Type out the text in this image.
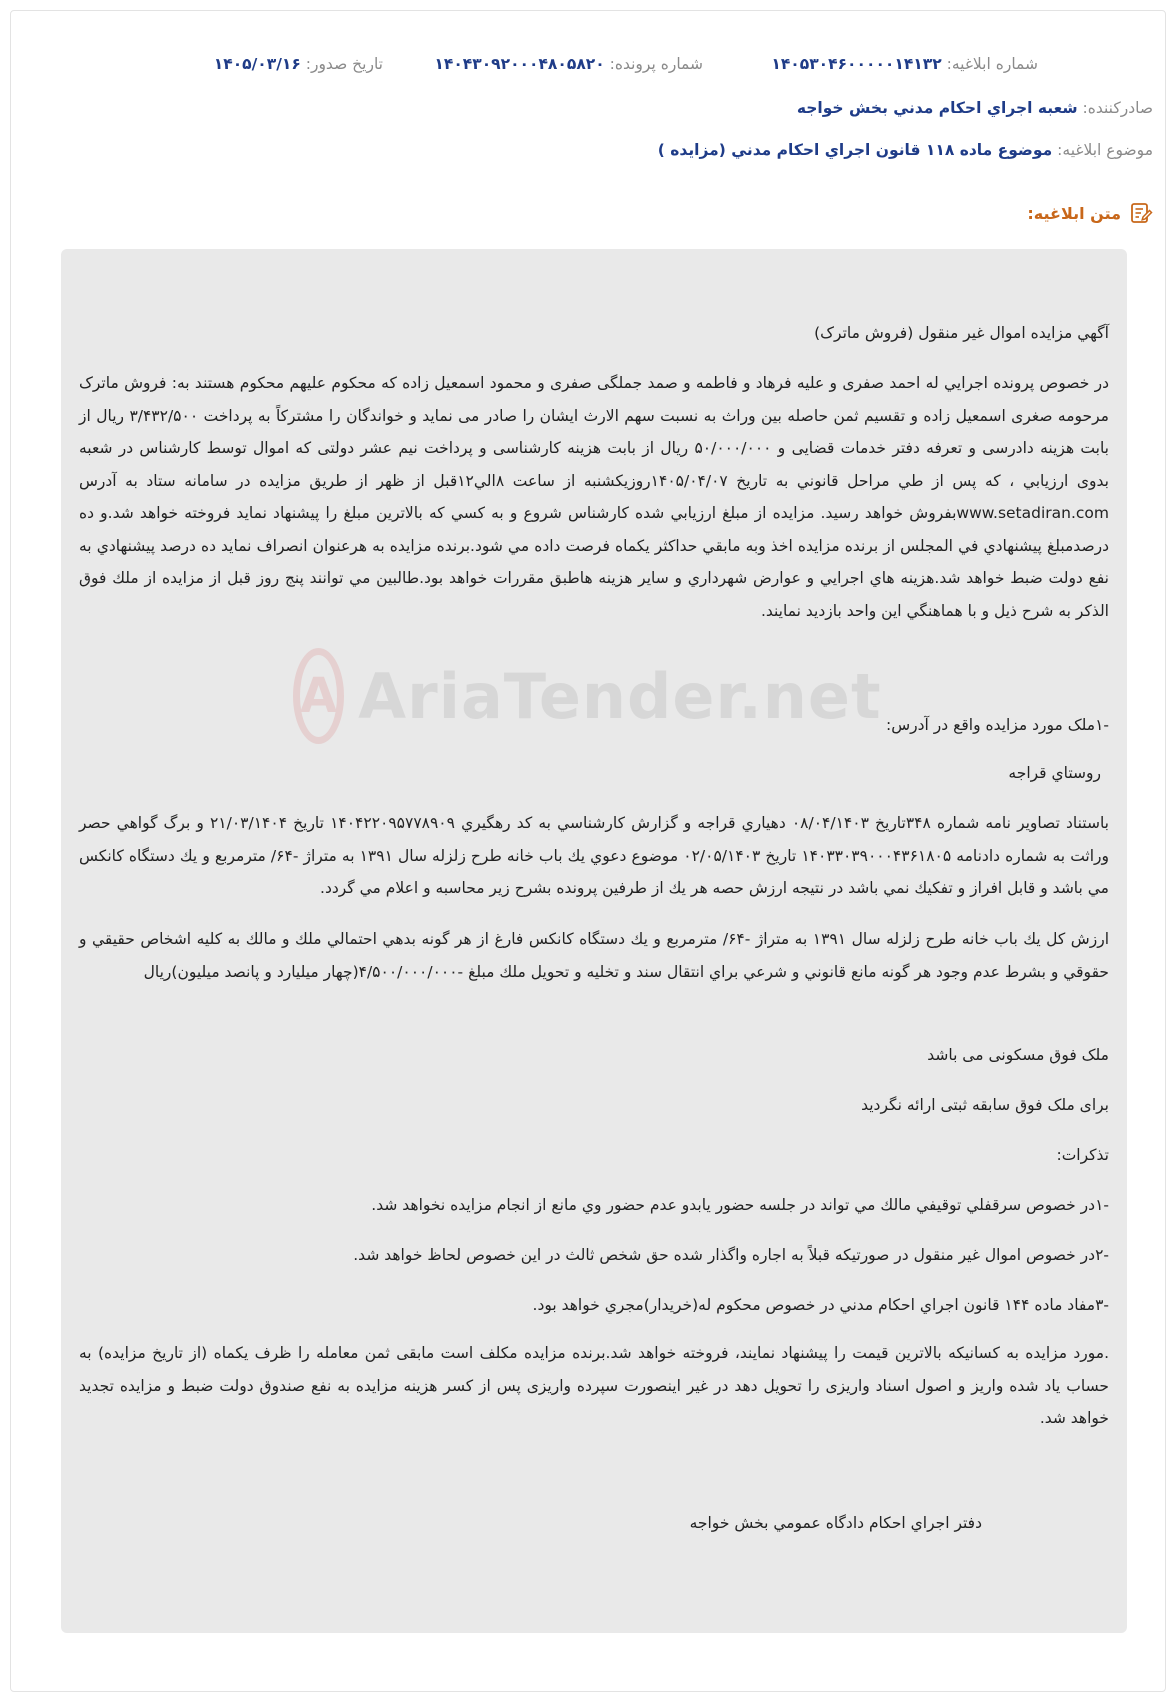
شماره ابلاغيه: ۱۴۰۵۳۰۴۶۰۰۰۰۰۱۴۱۳۲
شماره پرونده: ۱۴۰۴۳۰۹۲۰۰۰۴۸۰۵۸۲۰
تاريخ صدور: ۱۴۰۵/۰۳/۱۶
صادرکننده: شعبه اجراي احکام مدني بخش خواجه
موضوع ابلاغيه: موضوع ماده ۱۱۸ قانون اجراي احکام مدني (مزايده )
متن ابلاغيه:
A AriaTender.net
آگهي مزايده اموال غير منقول (فروش ماترک)
در خصوص پرونده اجرايي له احمد صفری و عليه فرهاد و فاطمه و صمد جملگی صفری و محمود اسمعيل زاده که محکوم عليهم محکوم هستند به: فروش ماترک مرحومه صغری اسمعيل زاده و تقسيم ثمن حاصله بين وراث به نسبت سهم الارث ايشان را صادر می نمايد و خواندگان را مشترکاً به پرداخت ۳/۴۳۲/۵۰۰ ريال از بابت هزينه دادرسی و تعرفه دفتر خدمات قضايی و ۵۰/۰۰۰/۰۰۰ ريال از بابت هزينه کارشناسی و پرداخت نيم عشر دولتی که اموال توسط کارشناس در شعبه بدوی ارزيابي ، كه پس از طي مراحل قانوني به تاريخ ۱۴۰۵/۰۴/۰۷روزيكشنبه از ساعت ۸الي۱۲قبل از ظهر از طريق مزايده در سامانه ستاد به آدرس www.setadiran.comبفروش خواهد رسيد. مزايده از مبلغ ارزيابي شده كارشناس شروع و به كسي كه بالاترين مبلغ را پيشنهاد نمايد فروخته خواهد شد.و ده درصدمبلغ پيشنهادي في المجلس از برنده مزايده اخذ وبه مابقي حداكثر يكماه فرصت داده مي شود.برنده مزايده به هرعنوان انصراف نمايد ده درصد پيشنهادي به نفع دولت ضبط خواهد شد.هزينه هاي اجرايي و عوارض شهرداري و ساير هزينه هاطبق مقررات خواهد بود.طالبين مي توانند پنج روز قبل از مزايده از ملك فوق الذكر به شرح ذيل و با هماهنگي اين واحد بازديد نمايند.
-۱ملک مورد مزايده واقع در آدرس:
روستاي قراجه
باستناد تصاوير نامه شماره ۳۴۸تاريخ ۰۸/۰۴/۱۴۰۳ دهياري قراجه و گزارش كارشناسي به كد رهگيري ۱۴۰۴۲۲۰۹۵۷۷۸۹۰۹ تاريخ ۲۱/۰۳/۱۴۰۴ و برگ گواهي حصر وراثت به شماره دادنامه ۱۴۰۳۳۰۳۹۰۰۰۴۳۶۱۸۰۵ تاريخ ۰۲/۰۵/۱۴۰۳ موضوع دعوي يك باب خانه طرح زلزله سال ۱۳۹۱ به متراژ -۶۴/ مترمربع و يك دستگاه كانكس مي باشد و قابل افراز و تفكيك نمي باشد در نتيجه ارزش حصه هر يك از طرفين پرونده بشرح زير محاسبه و اعلام مي گردد.
ارزش كل يك باب خانه طرح زلزله سال ۱۳۹۱ به متراژ -۶۴/ مترمربع و يك دستگاه كانكس فارغ از هر گونه بدهي احتمالي ملك و مالك به كليه اشخاص حقيقي و حقوقي و بشرط عدم وجود هر گونه مانع قانوني و شرعي براي انتقال سند و تخليه و تحويل ملك مبلغ -۴/۵۰۰/۰۰۰/۰۰۰(چهار ميليارد و پانصد ميليون)ريال
ملک فوق مسکونی می باشد
برای ملک فوق سابقه ثبتی ارائه نگرديد
تذکرات:
-۱در خصوص سرقفلي توقيفي مالك مي تواند در جلسه حضور يابدو عدم حضور وي مانع از انجام مزايده نخواهد شد.
-۲در خصوص اموال غير منقول در صورتيكه قبلاً به اجاره واگذار شده حق شخص ثالث در اين خصوص لحاظ خواهد شد.
-۳مفاد ماده ۱۴۴ قانون اجراي احكام مدني در خصوص محكوم له(خريدار)مجري خواهد بود.
.مورد مزايده به کسانيکه بالاترين قيمت را پيشنهاد نمايند، فروخته خواهد شد.برنده مزايده مکلف است مابقی ثمن معامله را ظرف يکماه (از تاريخ مزايده) به حساب ياد شده واريز و اصول اسناد واريزی را تحويل دهد در غير اينصورت سپرده واريزی پس از کسر هزينه مزايده به نفع صندوق دولت ضبط و مزايده تجديد خواهد شد.
دفتر اجراي احكام دادگاه عمومي بخش خواجه
